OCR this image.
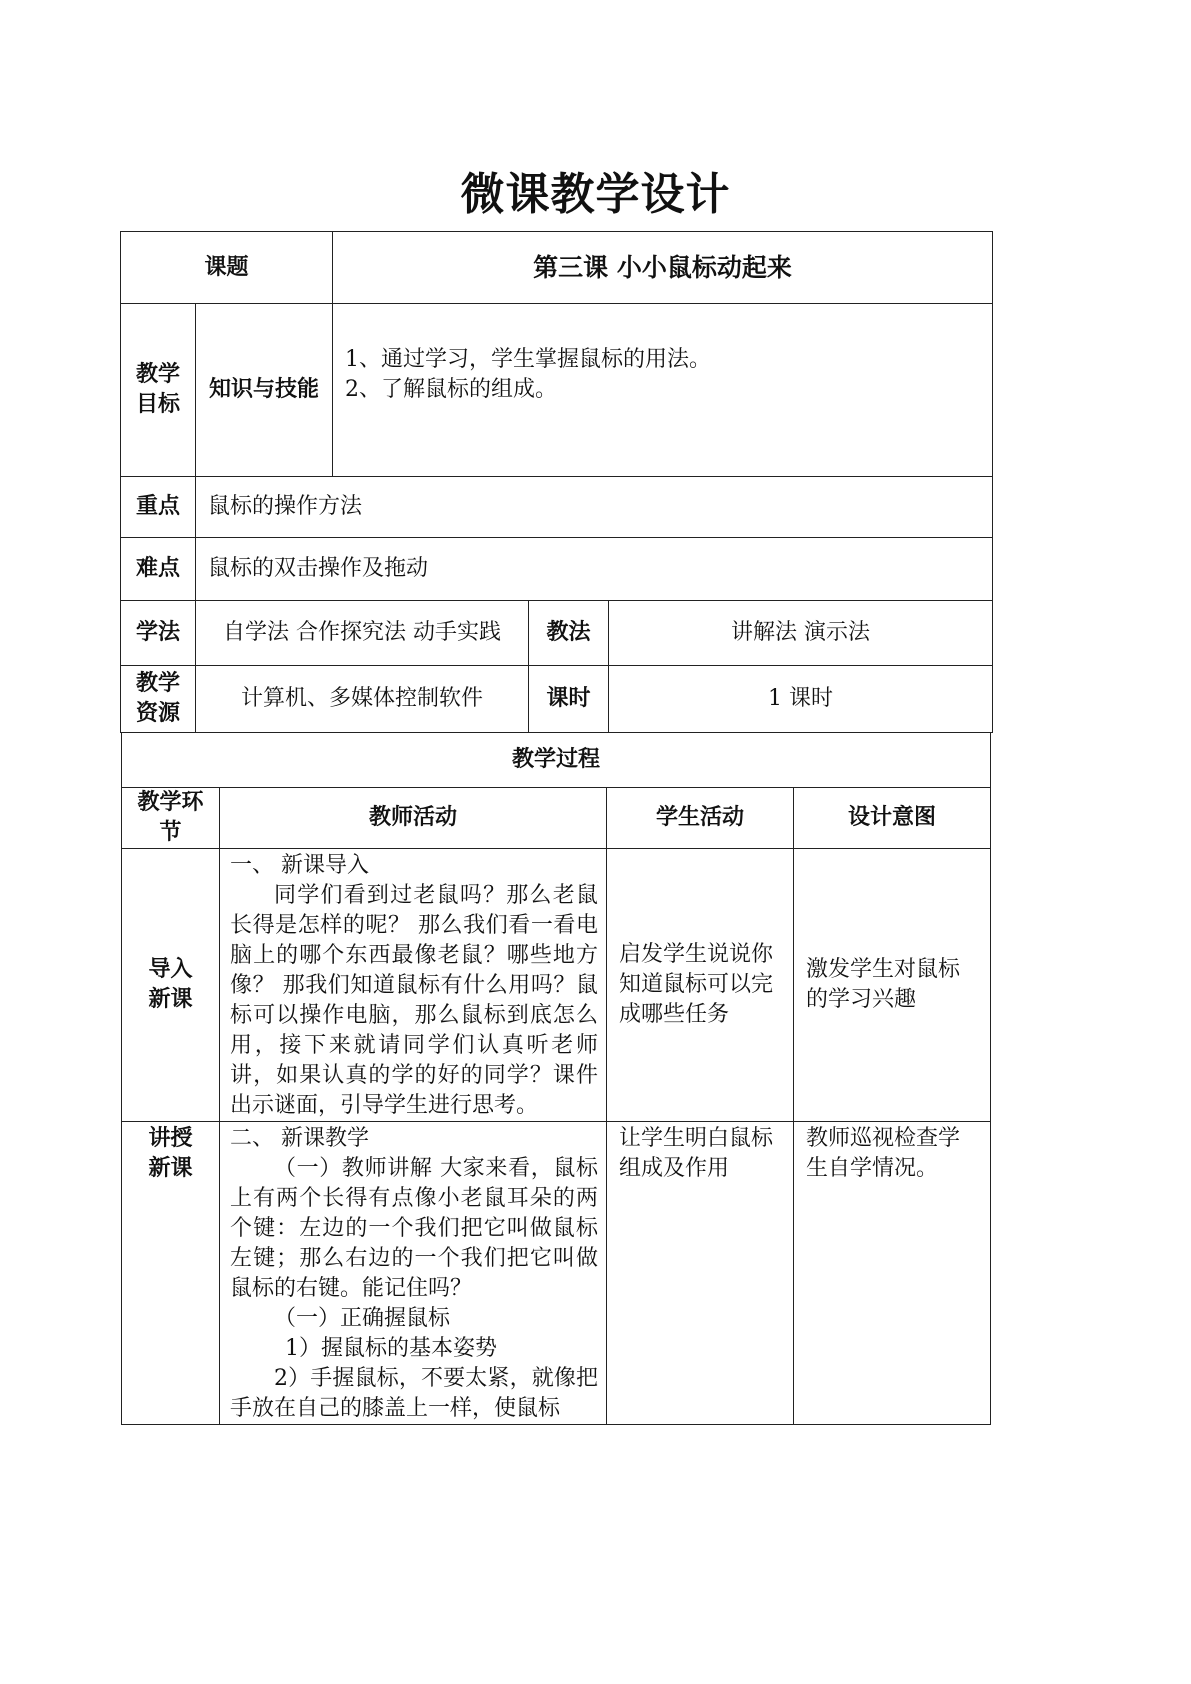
微课教学设计
课题		第三课 小小鼠标动起来		
教学目标	知识与技能	1、通过学习，学生掌握鼠标的用法。
2、了解鼠标的组成。		

重点	鼠标的操作方法			
难点	鼠标的双击操作及拖动			
学法	自学法 合作探究法 动手实践		教法	讲解法 演示法
教学资源	计算机、多媒体控制软件		课时	1 课时
教学过程			
教学环节	教师活动	学生活动	设计意图
导入新课	一、 新课导入
同学们看到过老鼠吗？那么老鼠长得是怎样的呢？ 那么我们看一看电脑上的哪个东西最像老鼠？哪些地方像？ 那我们知道鼠标有什么用吗？鼠标可以操作电脑，那么鼠标到底怎么用，接下来就请同学们认真听老师讲，如果认真的学的好的同学？课件出示谜面，引导学生进行思考。	启发学生说说你知道鼠标可以完成哪些任务	激发学生对鼠标的学习兴趣
讲授新课	二、 新课教学
（一）教师讲解 大家来看，鼠标上有两个长得有点像小老鼠耳朵的两个键：左边的一个我们把它叫做鼠标左键；那么右边的一个我们把它叫做鼠标的右键。能记住吗？
（一）正确握鼠标
1）握鼠标的基本姿势
2）手握鼠标，不要太紧，就像把手放在自己的膝盖上一样，使鼠标	让学生明白鼠标组成及作用	教师巡视检查学生自学情况。
